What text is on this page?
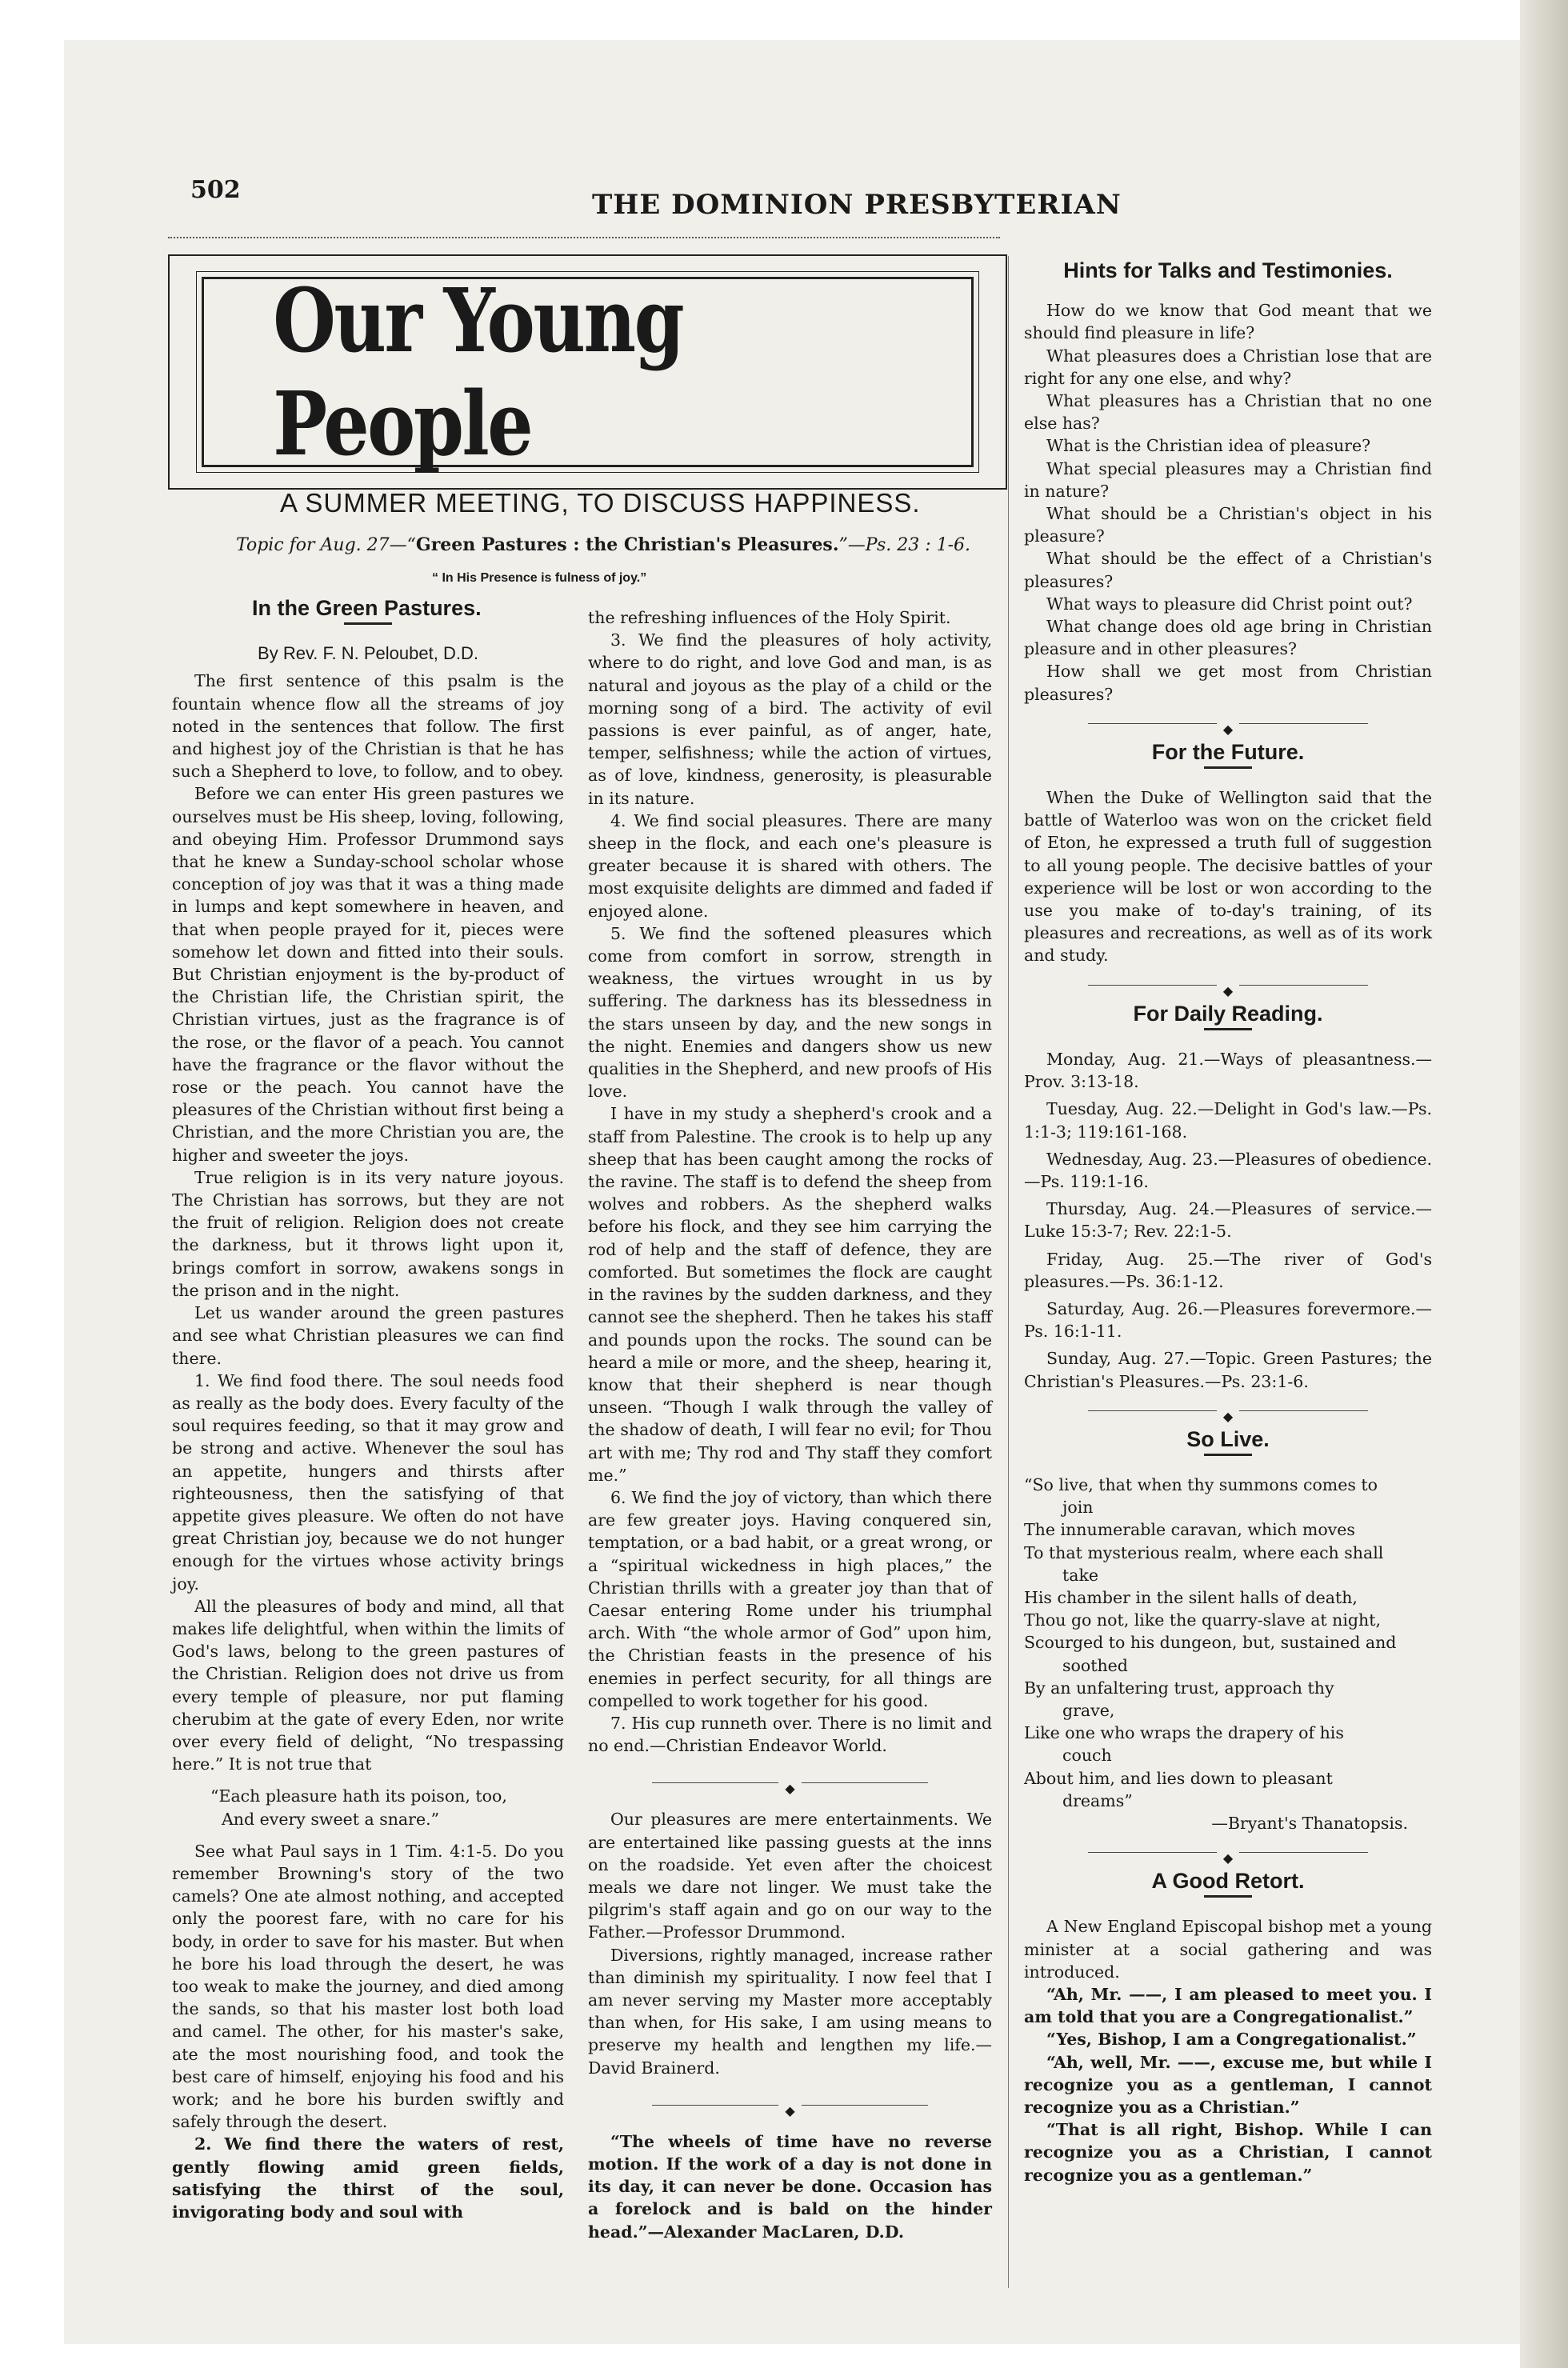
502	THE DOMINION PRESBYTERIAN
Our Young People
A SUMMER MEETING, TO DISCUSS HAPPINESS.
Topic for Aug. 27—“Green Pastures : the Christian's Pleasures.”—Ps. 23 : 1-6.
“ In His Presence is fulness of joy.”
In the Green Pastures.
By Rev. F. N. Peloubet, D.D.

The first sentence of this psalm is the fountain whence flow all the streams of joy noted in the sentences that follow. The first and highest joy of the Christian is that he has such a Shepherd to love, to follow, and to obey.

Before we can enter His green pastures we ourselves must be His sheep, loving, following, and obeying Him. Professor Drummond says that he knew a Sunday-school scholar whose conception of joy was that it was a thing made in lumps and kept somewhere in heaven, and that when people prayed for it, pieces were somehow let down and fitted into their souls. But Christian enjoyment is the by-product of the Christian life, the Christian spirit, the Christian virtues, just as the fragrance is of the rose, or the flavor of a peach. You cannot have the fragrance or the flavor without the rose or the peach. You cannot have the pleasures of the Christian without first being a Christian, and the more Christian you are, the higher and sweeter the joys.

True religion is in its very nature joyous. The Christian has sorrows, but they are not the fruit of religion. Religion does not create the darkness, but it throws light upon it, brings comfort in sorrow, awakens songs in the prison and in the night.

Let us wander around the green pastures and see what Christian pleasures we can find there.

1. We find food there. The soul needs food as really as the body does. Every faculty of the soul requires feeding, so that it may grow and be strong and active. Whenever the soul has an appetite, hungers and thirsts after righteousness, then the satisfying of that appetite gives pleasure. We often do not have great Christian joy, because we do not hunger enough for the virtues whose activity brings joy.

All the pleasures of body and mind, all that makes life delightful, when within the limits of God's laws, belong to the green pastures of the Christian. Religion does not drive us from every temple of pleasure, nor put flaming cherubim at the gate of every Eden, nor write over every field of delight, “No trespassing here.” It is not true that

“Each pleasure hath its poison, too,
And every sweet a snare.”

See what Paul says in 1 Tim. 4:1-5. Do you remember Browning's story of the two camels? One ate almost nothing, and accepted only the poorest fare, with no care for his body, in order to save for his master. But when he bore his load through the desert, he was too weak to make the journey, and died among the sands, so that his master lost both load and camel. The other, for his master's sake, ate the most nourishing food, and took the best care of himself, enjoying his food and his work; and he bore his burden swiftly and safely through the desert.

2. We find there the waters of rest, gently flowing amid green fields, satisfying the thirst of the soul, invigorating body and soul with

the refreshing influences of the Holy Spirit.

3. We find the pleasures of holy activity, where to do right, and love God and man, is as natural and joyous as the play of a child or the morning song of a bird. The activity of evil passions is ever painful, as of anger, hate, temper, selfishness; while the action of virtues, as of love, kindness, generosity, is pleasurable in its nature.

4. We find social pleasures. There are many sheep in the flock, and each one's pleasure is greater because it is shared with others. The most exquisite delights are dimmed and faded if enjoyed alone.

5. We find the softened pleasures which come from comfort in sorrow, strength in weakness, the virtues wrought in us by suffering. The darkness has its blessedness in the stars unseen by day, and the new songs in the night. Enemies and dangers show us new qualities in the Shepherd, and new proofs of His love.

I have in my study a shepherd's crook and a staff from Palestine. The crook is to help up any sheep that has been caught among the rocks of the ravine. The staff is to defend the sheep from wolves and robbers. As the shepherd walks before his flock, and they see him carrying the rod of help and the staff of defence, they are comforted. But sometimes the flock are caught in the ravines by the sudden darkness, and they cannot see the shepherd. Then he takes his staff and pounds upon the rocks. The sound can be heard a mile or more, and the sheep, hearing it, know that their shepherd is near though unseen. “Though I walk through the valley of the shadow of death, I will fear no evil; for Thou art with me; Thy rod and Thy staff they comfort me.”

6. We find the joy of victory, than which there are few greater joys. Having conquered sin, temptation, or a bad habit, or a great wrong, or a “spiritual wickedness in high places,” the Christian thrills with a greater joy than that of Caesar entering Rome under his triumphal arch. With “the whole armor of God” upon him, the Christian feasts in the presence of his enemies in perfect security, for all things are compelled to work together for his good.

7. His cup runneth over. There is no limit and no end.—Christian Endeavor World.

◆

Our pleasures are mere entertainments. We are entertained like passing guests at the inns on the roadside. Yet even after the choicest meals we dare not linger. We must take the pilgrim's staff again and go on our way to the Father.—Professor Drummond.

Diversions, rightly managed, increase rather than diminish my spirituality. I now feel that I am never serving my Master more acceptably than when, for His sake, I am using means to preserve my health and lengthen my life.—David Brainerd.

◆

“The wheels of time have no reverse motion. If the work of a day is not done in its day, it can never be done. Occasion has a forelock and is bald on the hinder head.”—Alexander MacLaren, D.D.

Hints for Talks and Testimonies.

How do we know that God meant that we should find pleasure in life?

What pleasures does a Christian lose that are right for any one else, and why?

What pleasures has a Christian that no one else has?

What is the Christian idea of pleasure?

What special pleasures may a Christian find in nature?

What should be a Christian's object in his pleasure?

What should be the effect of a Christian's pleasures?

What ways to pleasure did Christ point out?

What change does old age bring in Christian pleasure and in other pleasures?

How shall we get most from Christian pleasures?

◆
For the Future.

When the Duke of Wellington said that the battle of Waterloo was won on the cricket field of Eton, he expressed a truth full of suggestion to all young people. The decisive battles of your experience will be lost or won according to the use you make of to-day's training, of its pleasures and recreations, as well as of its work and study.

◆
For Daily Reading.

Monday, Aug. 21.—Ways of pleasantness.—Prov. 3:13-18.

Tuesday, Aug. 22.—Delight in God's law.—Ps. 1:1-3; 119:161-168.

Wednesday, Aug. 23.—Pleasures of obedience.—Ps. 119:1-16.

Thursday, Aug. 24.—Pleasures of service.—Luke 15:3-7; Rev. 22:1-5.

Friday, Aug. 25.—The river of God's pleasures.—Ps. 36:1-12.

Saturday, Aug. 26.—Pleasures forevermore.—Ps. 16:1-11.

Sunday, Aug. 27.—Topic. Green Pastures; the Christian's Pleasures.—Ps. 23:1-6.

◆
So Live.

“So live, that when thy summons comes to

join

The innumerable caravan, which moves

To that mysterious realm, where each shall

take

His chamber in the silent halls of death,

Thou go not, like the quarry-slave at night,

Scourged to his dungeon, but, sustained and

soothed

By an unfaltering trust, approach thy

grave,

Like one who wraps the drapery of his

couch

About him, and lies down to pleasant

dreams”

—Bryant's Thanatopsis.

◆
A Good Retort.

A New England Episcopal bishop met a young minister at a social gathering and was introduced.

“Ah, Mr. ——, I am pleased to meet you. I am told that you are a Congregationalist.”

“Yes, Bishop, I am a Congregationalist.”

“Ah, well, Mr. ——, excuse me, but while I recognize you as a gentleman, I cannot recognize you as a Christian.”

“That is all right, Bishop. While I can recognize you as a Christian, I cannot recognize you as a gentleman.”
